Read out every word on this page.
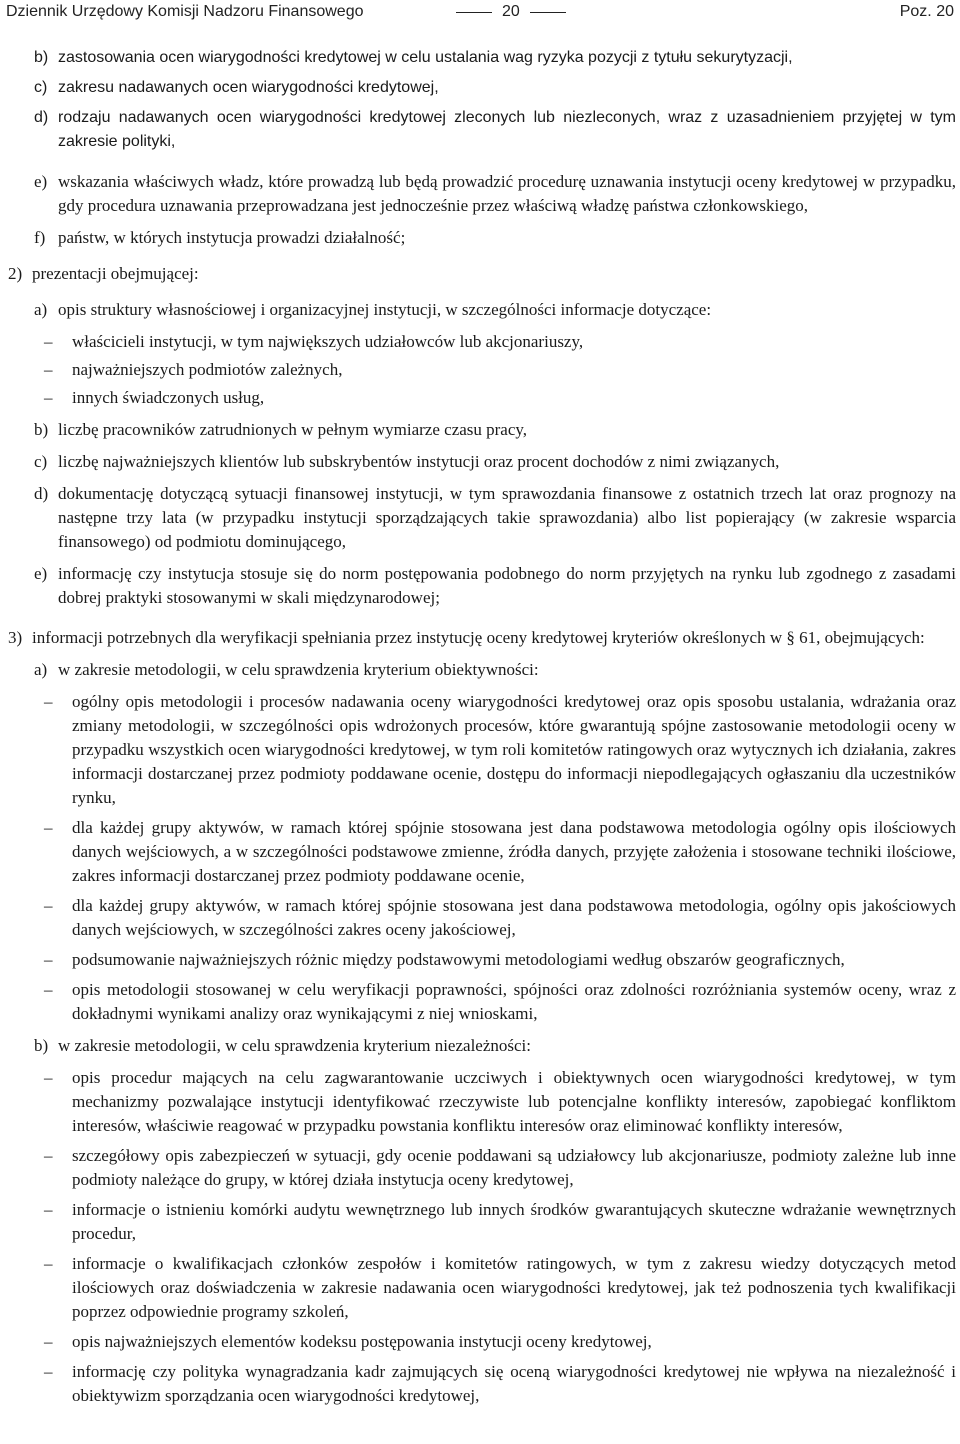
Dziennik Urzędowy Komisji Nadzoru Finansowego	20	Poz. 20
b) zastosowania ocen wiarygodności kredytowej w celu ustalania wag ryzyka pozycji z tytułu sekurytyzacji,
c) zakresu nadawanych ocen wiarygodności kredytowej,
d) rodzaju nadawanych ocen wiarygodności kredytowej zleconych lub niezleconych, wraz z uzasadnieniem przyjętej w tym zakresie polityki,
e) wskazania właściwych władz, które prowadzą lub będą prowadzić procedurę uznawania instytucji oceny kredytowej w przypadku, gdy procedura uznawania przeprowadzana jest jednocześnie przez właściwą władzę państwa członkowskiego,
f) państw, w których instytucja prowadzi działalność;
2) prezentacji obejmującej:
a) opis struktury własnościowej i organizacyjnej instytucji, w szczególności informacje dotyczące:
– właścicieli instytucji, w tym największych udziałowców lub akcjonariuszy,
– najważniejszych podmiotów zależnych,
– innych świadczonych usług,
b) liczbę pracowników zatrudnionych w pełnym wymiarze czasu pracy,
c) liczbę najważniejszych klientów lub subskrybentów instytucji oraz procent dochodów z nimi związanych,
d) dokumentację dotyczącą sytuacji finansowej instytucji, w tym sprawozdania finansowe z ostatnich trzech lat oraz prognozy na następne trzy lata (w przypadku instytucji sporządzających takie sprawozdania) albo list popierający (w zakresie wsparcia finansowego) od podmiotu dominującego,
e) informację czy instytucja stosuje się do norm postępowania podobnego do norm przyjętych na rynku lub zgodnego z zasadami dobrej praktyki stosowanymi w skali międzynarodowej;
3) informacji potrzebnych dla weryfikacji spełniania przez instytucję oceny kredytowej kryteriów określonych w § 61, obejmujących:
a) w zakresie metodologii, w celu sprawdzenia kryterium obiektywności:
– ogólny opis metodologii i procesów nadawania oceny wiarygodności kredytowej oraz opis sposobu ustalania, wdrażania oraz zmiany metodologii, w szczególności opis wdrożonych procesów, które gwarantują spójne zastosowanie metodologii oceny w przypadku wszystkich ocen wiarygodności kredytowej, w tym roli komitetów ratingowych oraz wytycznych ich działania, zakres informacji dostarczanej przez podmioty poddawane ocenie, dostępu do informacji niepodlegających ogłaszaniu dla uczestników rynku,
– dla każdej grupy aktywów, w ramach której spójnie stosowana jest dana podstawowa metodologia ogólny opis ilościowych danych wejściowych, a w szczególności podstawowe zmienne, źródła danych, przyjęte założenia i stosowane techniki ilościowe, zakres informacji dostarczanej przez podmioty poddawane ocenie,
– dla każdej grupy aktywów, w ramach której spójnie stosowana jest dana podstawowa metodologia, ogólny opis jakościowych danych wejściowych, w szczególności zakres oceny jakościowej,
– podsumowanie najważniejszych różnic między podstawowymi metodologiami według obszarów geograficznych,
– opis metodologii stosowanej w celu weryfikacji poprawności, spójności oraz zdolności rozróżniania systemów oceny, wraz z dokładnymi wynikami analizy oraz wynikającymi z niej wnioskami,
b) w zakresie metodologii, w celu sprawdzenia kryterium niezależności:
– opis procedur mających na celu zagwarantowanie uczciwych i obiektywnych ocen wiarygodności kredytowej, w tym mechanizmy pozwalające instytucji identyfikować rzeczywiste lub potencjalne konflikty interesów, zapobiegać konfliktom interesów, właściwie reagować w przypadku powstania konfliktu interesów oraz eliminować konflikty interesów,
– szczegółowy opis zabezpieczeń w sytuacji, gdy ocenie poddawani są udziałowcy lub akcjonariusze, podmioty zależne lub inne podmioty należące do grupy, w której działa instytucja oceny kredytowej,
– informacje o istnieniu komórki audytu wewnętrznego lub innych środków gwarantujących skuteczne wdrażanie wewnętrznych procedur,
– informacje o kwalifikacjach członków zespołów i komitetów ratingowych, w tym z zakresu wiedzy dotyczących metod ilościowych oraz doświadczenia w zakresie nadawania ocen wiarygodności kredytowej, jak też podnoszenia tych kwalifikacji poprzez odpowiednie programy szkoleń,
– opis najważniejszych elementów kodeksu postępowania instytucji oceny kredytowej,
– informację czy polityka wynagradzania kadr zajmujących się oceną wiarygodności kredytowej nie wpływa na niezależność i obiektywizm sporządzania ocen wiarygodności kredytowej,
